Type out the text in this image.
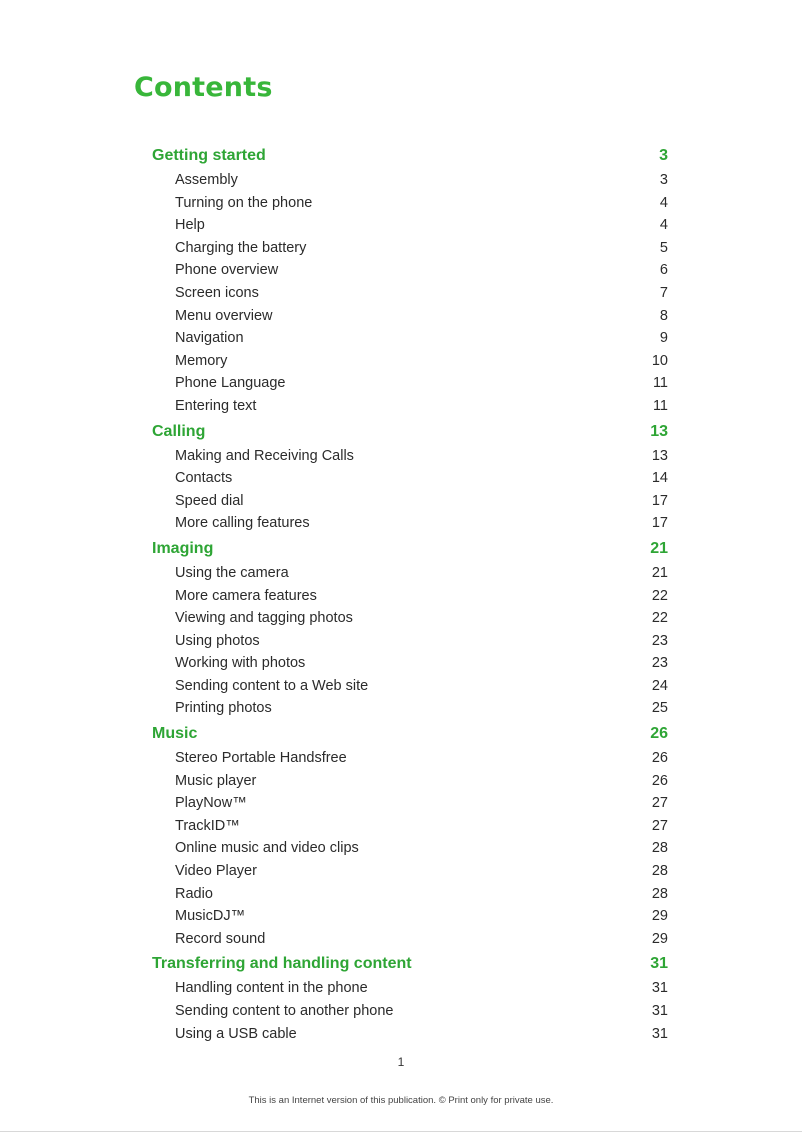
Contents
Getting started	3
Assembly	3
Turning on the phone	4
Help	4
Charging the battery	5
Phone overview	6
Screen icons	7
Menu overview	8
Navigation	9
Memory	10
Phone Language	11
Entering text	11
Calling	13
Making and Receiving Calls	13
Contacts	14
Speed dial	17
More calling features	17
Imaging	21
Using the camera	21
More camera features	22
Viewing and tagging photos	22
Using photos	23
Working with photos	23
Sending content to a Web site	24
Printing photos	25
Music	26
Stereo Portable Handsfree	26
Music player	26
PlayNow™	27
TrackID™	27
Online music and video clips	28
Video Player	28
Radio	28
MusicDJ™	29
Record sound	29
Transferring and handling content	31
Handling content in the phone	31
Sending content to another phone	31
Using a USB cable	31
1
This is an Internet version of this publication. © Print only for private use.
